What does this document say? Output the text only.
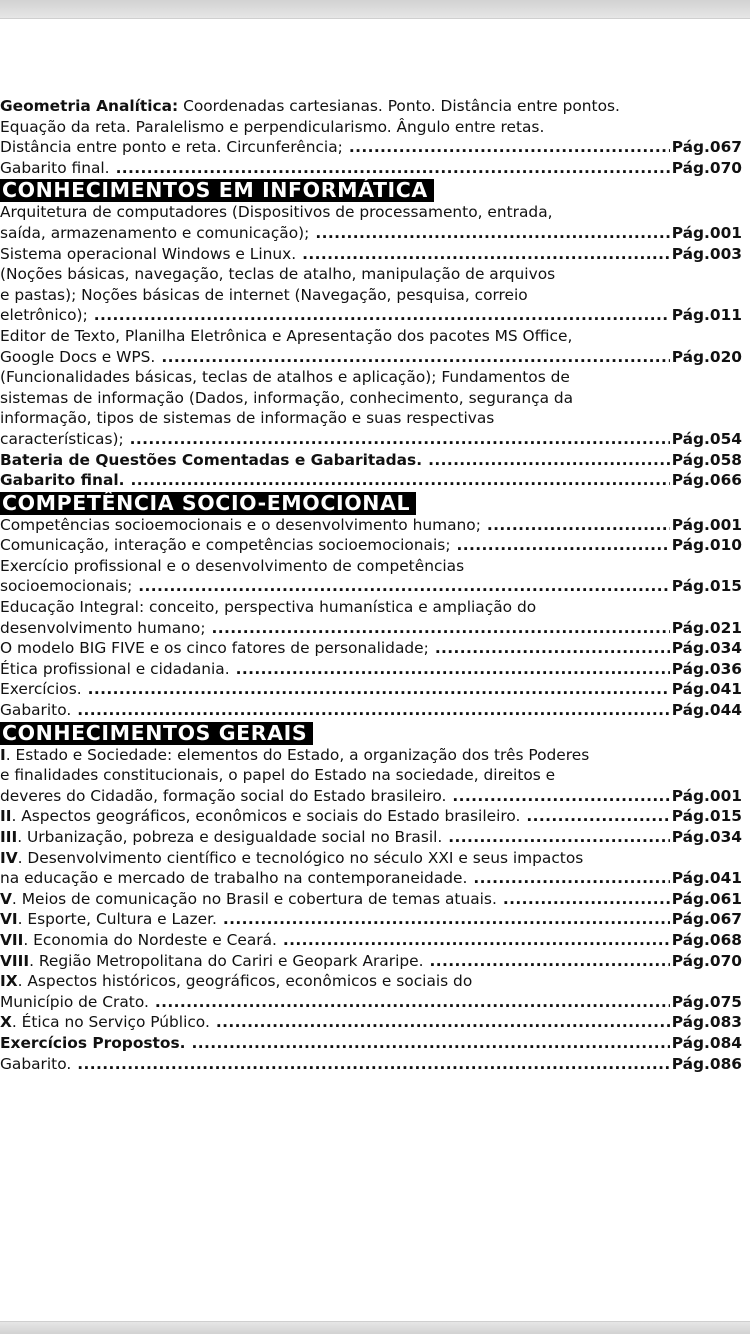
Geometria Analítica: Coordenadas cartesianas. Ponto. Distância entre pontos.
Equação da reta. Paralelismo e perpendicularismo. Ângulo entre retas.
Distância entre ponto e reta. Circunferência; .....	Pág.067
Gabarito final. .....	Pág.070
CONHECIMENTOS EM INFORMÁTICA
Arquitetura de computadores (Dispositivos de processamento, entrada,
saída, armazenamento e comunicação); .....	Pág.001
Sistema operacional Windows e Linux. .....	Pág.003
(Noções básicas, navegação, teclas de atalho, manipulação de arquivos
e pastas); Noções básicas de internet (Navegação, pesquisa, correio
eletrônico); .....	Pág.011
Editor de Texto, Planilha Eletrônica e Apresentação dos pacotes MS Office,
Google Docs e WPS. .....	Pág.020
(Funcionalidades básicas, teclas de atalhos e aplicação); Fundamentos de
sistemas de informação (Dados, informação, conhecimento, segurança da
informação, tipos de sistemas de informação e suas respectivas
características); .....	Pág.054
Bateria de Questões Comentadas e Gabaritadas. .....	Pág.058
Gabarito final. .....	Pág.066
COMPETÊNCIA SOCIO-EMOCIONAL
Competências socioemocionais e o desenvolvimento humano; .....	Pág.001
Comunicação, interação e competências socioemocionais; .....	Pág.010
Exercício profissional e o desenvolvimento de competências
socioemocionais; .....	Pág.015
Educação Integral: conceito, perspectiva humanística e ampliação do
desenvolvimento humano; .....	Pág.021
O modelo BIG FIVE e os cinco fatores de personalidade; .....	Pág.034
Ética profissional e cidadania. .....	Pág.036
Exercícios. .....	Pág.041
Gabarito. .....	Pág.044
CONHECIMENTOS GERAIS
I. Estado e Sociedade: elementos do Estado, a organização dos três Poderes
e finalidades constitucionais, o papel do Estado na sociedade, direitos e
deveres do Cidadão, formação social do Estado brasileiro. .....	Pág.001
II. Aspectos geográficos, econômicos e sociais do Estado brasileiro. .....	Pág.015
III. Urbanização, pobreza e desigualdade social no Brasil. .....	Pág.034
IV. Desenvolvimento científico e tecnológico no século XXI e seus impactos
na educação e mercado de trabalho na contemporaneidade. .....	Pág.041
V. Meios de comunicação no Brasil e cobertura de temas atuais. .....	Pág.061
VI. Esporte, Cultura e Lazer. .....	Pág.067
VII. Economia do Nordeste e Ceará. .....	Pág.068
VIII. Região Metropolitana do Cariri e Geopark Araripe. .....	Pág.070
IX. Aspectos históricos, geográficos, econômicos e sociais do
Município de Crato. .....	Pág.075
X. Ética no Serviço Público. .....	Pág.083
Exercícios Propostos. .....	Pág.084
Gabarito. .....	Pág.086
